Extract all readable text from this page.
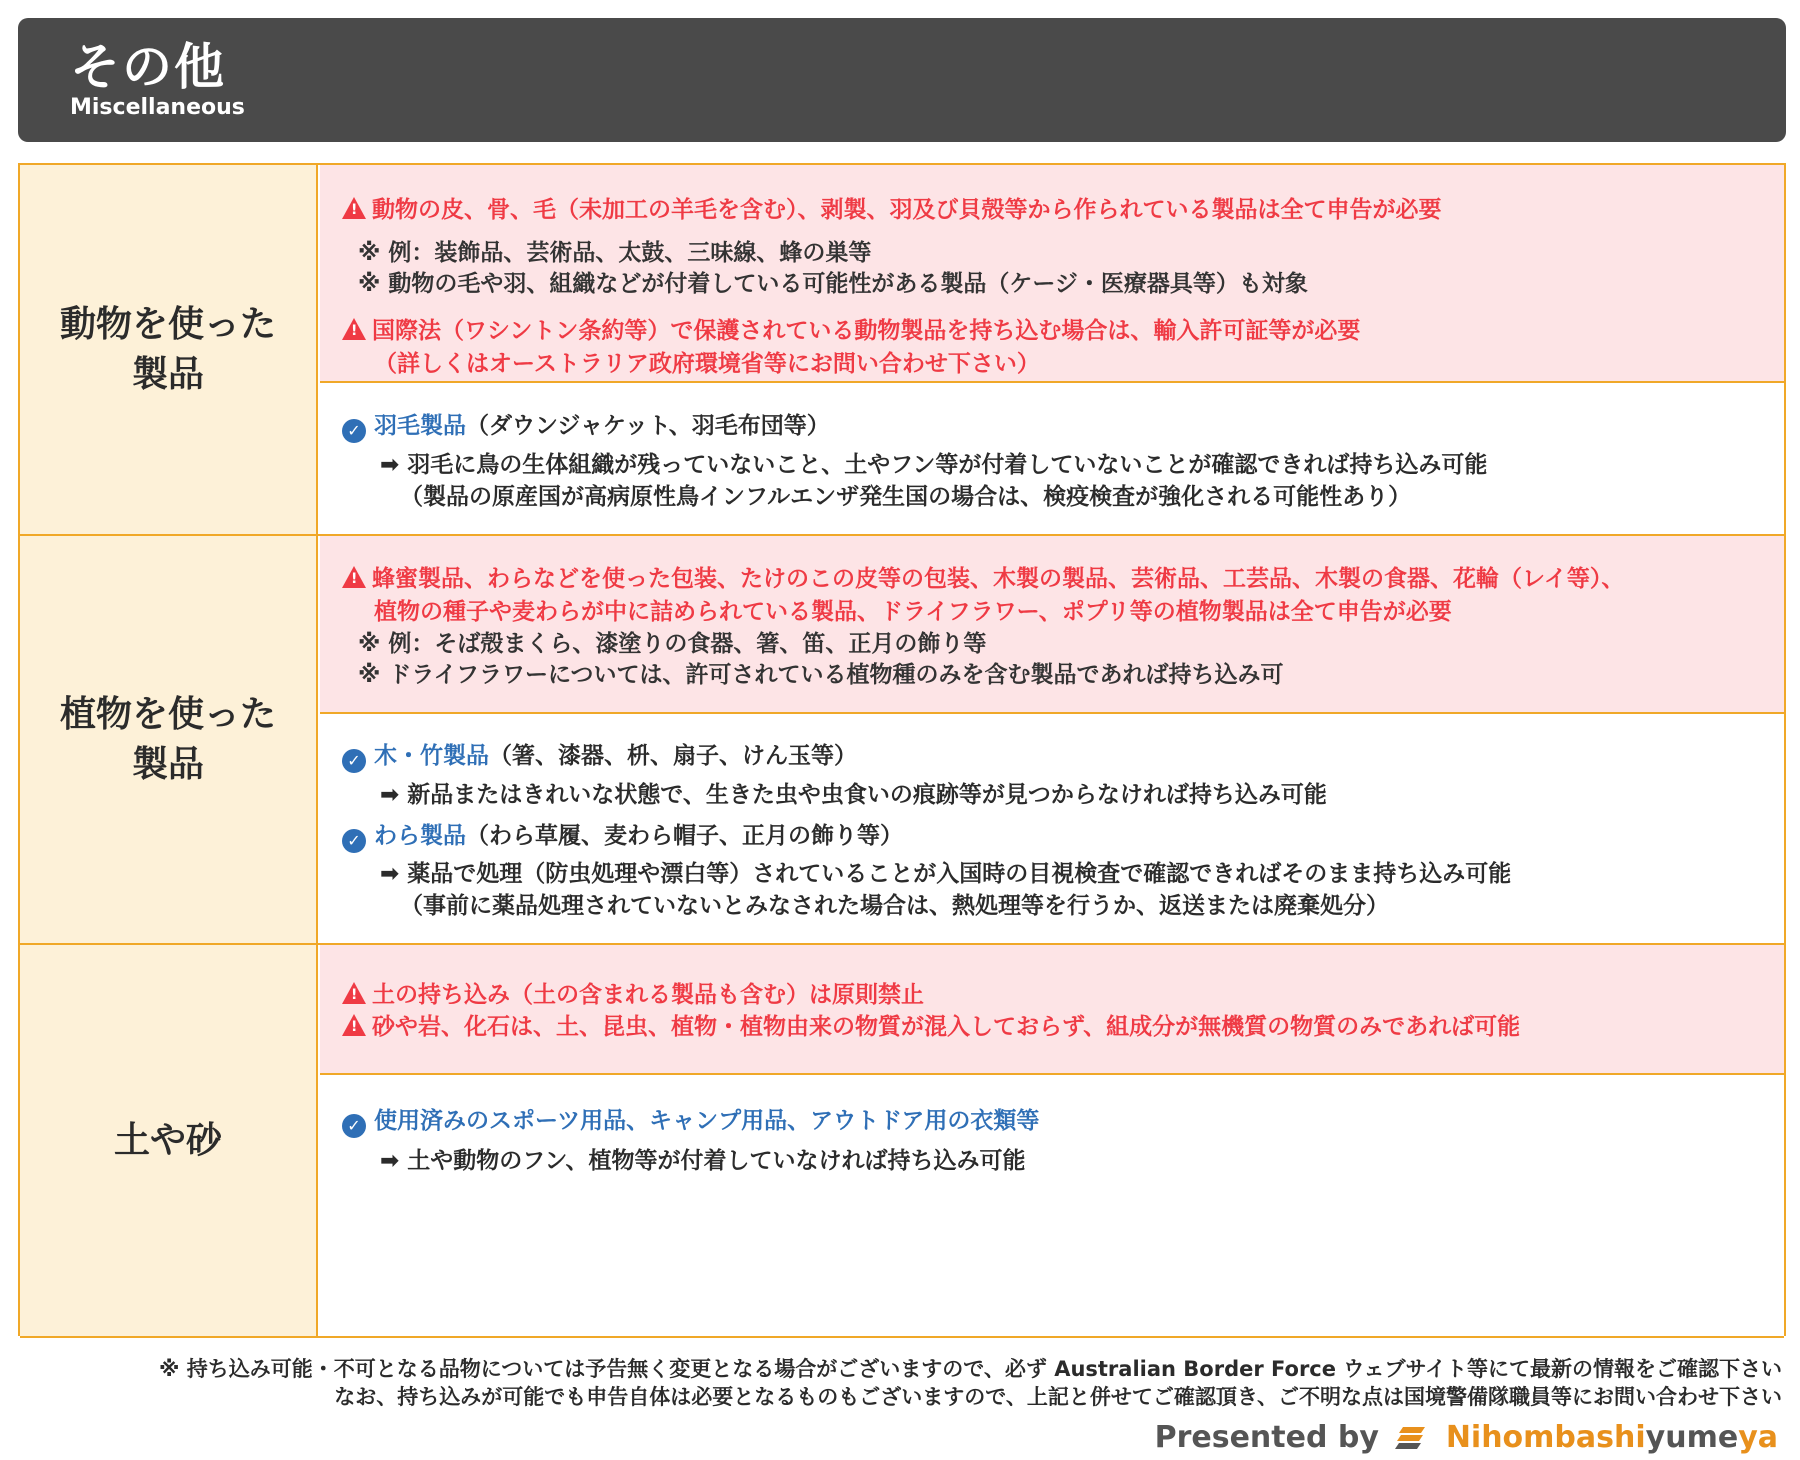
その他
Miscellaneous
動物を使った
製品
!動物の皮、骨、毛（未加工の羊毛を含む）、剥製、羽及び貝殻等から作られている製品は全て申告が必要
※ 例：装飾品、芸術品、太鼓、三味線、蜂の巣等
※ 動物の毛や羽、組織などが付着している可能性がある製品（ケージ・医療器具等）も対象
!国際法（ワシントン条約等）で保護されている動物製品を持ち込む場合は、輸入許可証等が必要
（詳しくはオーストラリア政府環境省等にお問い合わせ下さい）
✓ 羽毛製品（ダウンジャケット、羽毛布団等）
➡ 羽毛に鳥の生体組織が残っていないこと、土やフン等が付着していないことが確認できれば持ち込み可能
（製品の原産国が高病原性鳥インフルエンザ発生国の場合は、検疫検査が強化される可能性あり）
植物を使った
製品
!蜂蜜製品、わらなどを使った包装、たけのこの皮等の包装、木製の製品、芸術品、工芸品、木製の食器、花輪（レイ等）、
植物の種子や麦わらが中に詰められている製品、ドライフラワー、ポプリ等の植物製品は全て申告が必要
※ 例：そば殻まくら、漆塗りの食器、箸、笛、正月の飾り等
※ ドライフラワーについては、許可されている植物種のみを含む製品であれば持ち込み可
✓ 木・竹製品（箸、漆器、枡、扇子、けん玉等）
➡ 新品またはきれいな状態で、生きた虫や虫食いの痕跡等が見つからなければ持ち込み可能
✓ わら製品（わら草履、麦わら帽子、正月の飾り等）
➡ 薬品で処理（防虫処理や漂白等）されていることが入国時の目視検査で確認できればそのまま持ち込み可能
（事前に薬品処理されていないとみなされた場合は、熱処理等を行うか、返送または廃棄処分）
土や砂
!土の持ち込み（土の含まれる製品も含む）は原則禁止
!砂や岩、化石は、土、昆虫、植物・植物由来の物質が混入しておらず、組成分が無機質の物質のみであれば可能
✓ 使用済みのスポーツ用品、キャンプ用品、アウトドア用の衣類等
➡ 土や動物のフン、植物等が付着していなければ持ち込み可能
※ 持ち込み可能・不可となる品物については予告無く変更となる場合がございますので、必ず Australian Border Force ウェブサイト等にて最新の情報をご確認下さい
なお、持ち込みが可能でも申告自体は必要となるものもございますので、上記と併せてご確認頂き、ご不明な点は国境警備隊職員等にお問い合わせ下さい
Presented by Nihombashiyumeya
